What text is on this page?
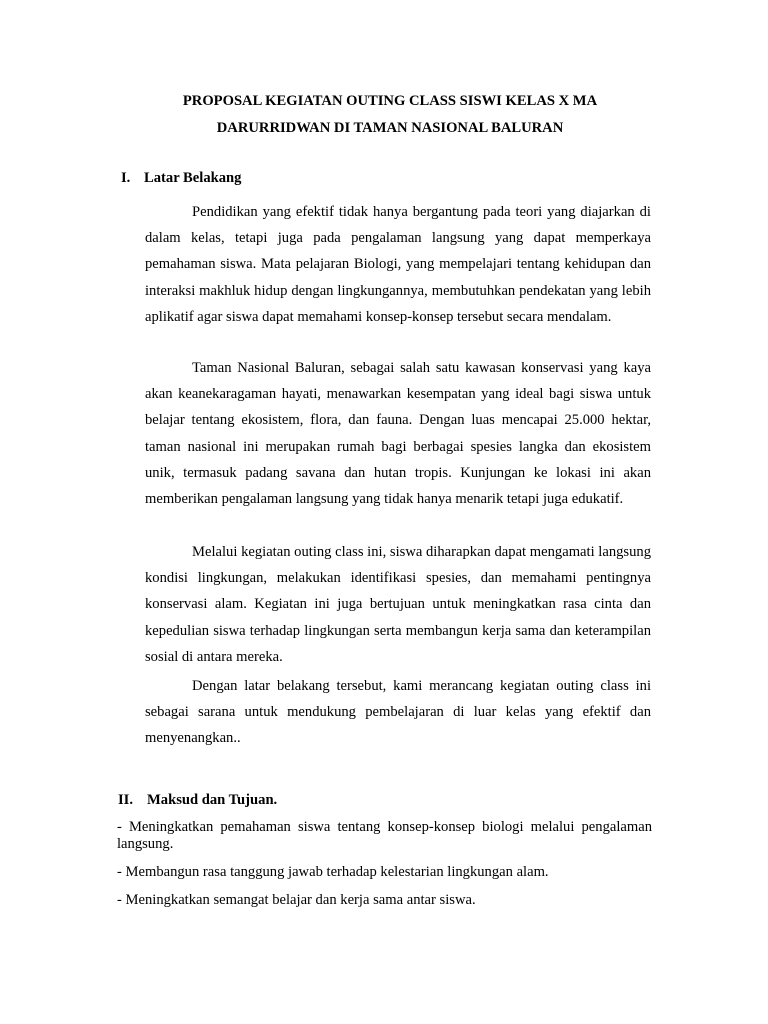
PROPOSAL KEGIATAN OUTING CLASS SISWI KELAS X MA
DARURRIDWAN DI TAMAN NASIONAL BALURAN
I. Latar Belakang

Pendidikan yang efektif tidak hanya bergantung pada teori yang diajarkan di dalam kelas, tetapi juga pada pengalaman langsung yang dapat memperkaya pemahaman siswa. Mata pelajaran Biologi, yang mempelajari tentang kehidupan dan interaksi makhluk hidup dengan lingkungannya, membutuhkan pendekatan yang lebih aplikatif agar siswa dapat memahami konsep-konsep tersebut secara mendalam.

Taman Nasional Baluran, sebagai salah satu kawasan konservasi yang kaya akan keanekaragaman hayati, menawarkan kesempatan yang ideal bagi siswa untuk belajar tentang ekosistem, flora, dan fauna. Dengan luas mencapai 25.000 hektar, taman nasional ini merupakan rumah bagi berbagai spesies langka dan ekosistem unik, termasuk padang savana dan hutan tropis. Kunjungan ke lokasi ini akan memberikan pengalaman langsung yang tidak hanya menarik tetapi juga edukatif.

Melalui kegiatan outing class ini, siswa diharapkan dapat mengamati langsung kondisi lingkungan, melakukan identifikasi spesies, dan memahami pentingnya konservasi alam. Kegiatan ini juga bertujuan untuk meningkatkan rasa cinta dan kepedulian siswa terhadap lingkungan serta membangun kerja sama dan keterampilan sosial di antara mereka.

Dengan latar belakang tersebut, kami merancang kegiatan outing class ini sebagai sarana untuk mendukung pembelajaran di luar kelas yang efektif dan menyenangkan..

II. Maksud dan Tujuan.

- Meningkatkan pemahaman siswa tentang konsep-konsep biologi melalui pengalaman langsung.

- Membangun rasa tanggung jawab terhadap kelestarian lingkungan alam.

- Meningkatkan semangat belajar dan kerja sama antar siswa.
